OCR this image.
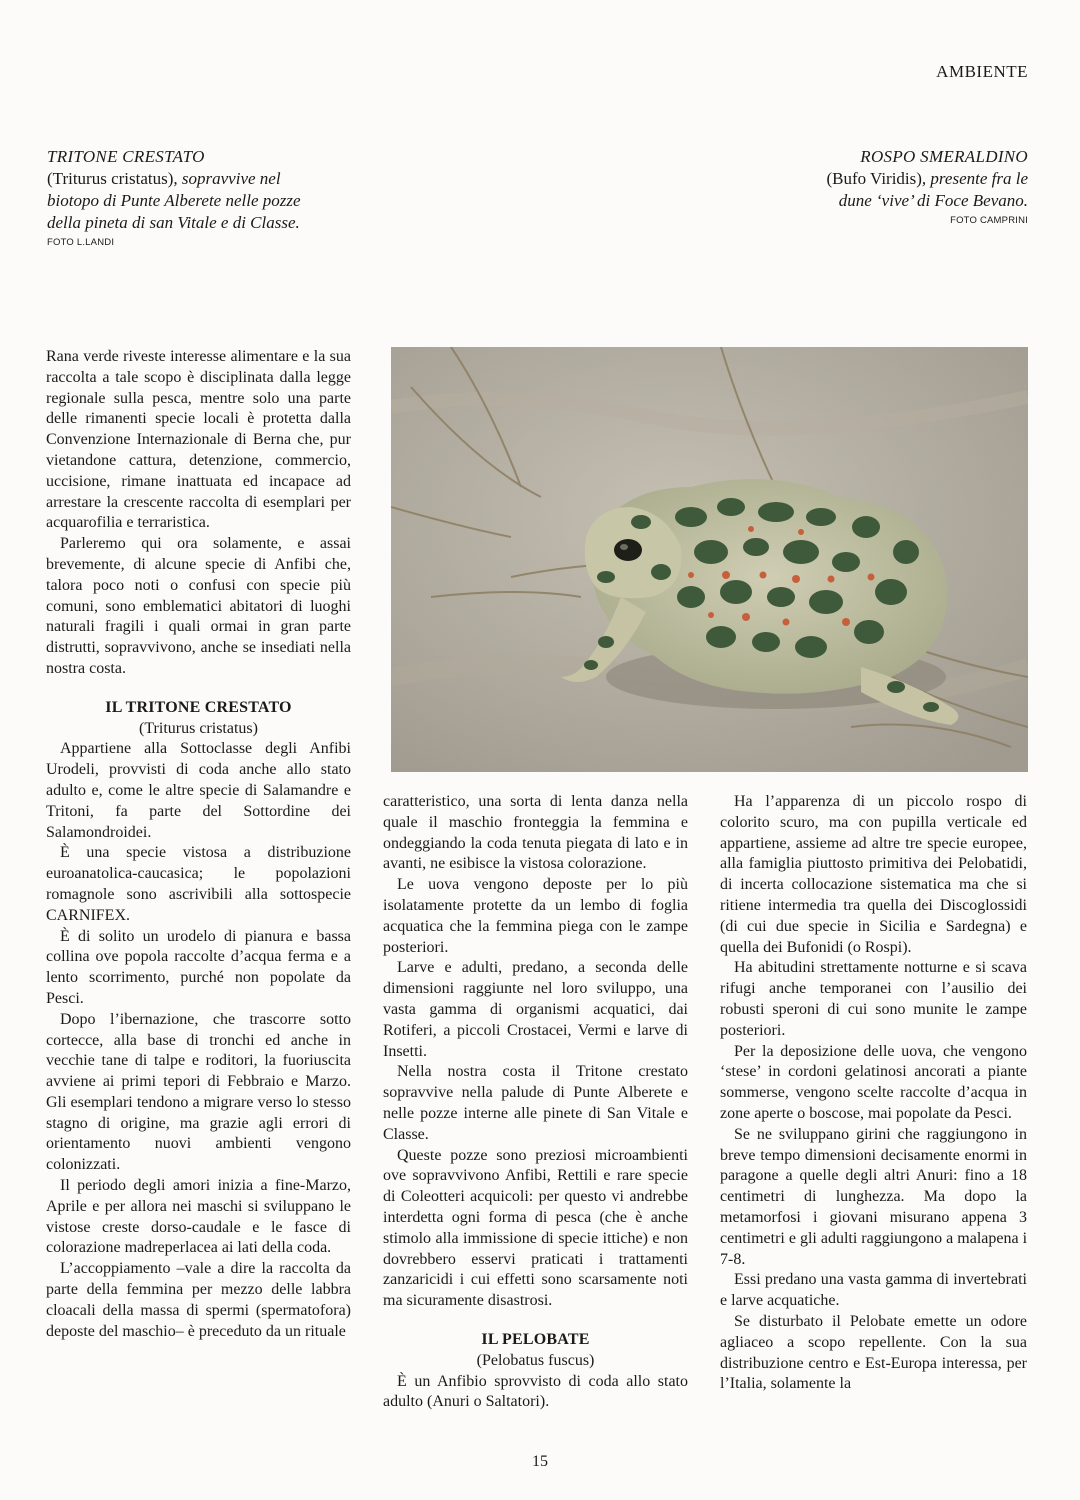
AMBIENTE
TRITONE CRESTATO
(Triturus cristatus), sopravvive nel
biotopo di Punte Alberete nelle pozze
della pineta di san Vitale e di Classe.
FOTO L.LANDI
ROSPO SMERALDINO
(Bufo Viridis), presente fra le
dune ‘vive’ di Foce Bevano.
FOTO CAMPRINI

Rana verde riveste interesse alimentare e la sua raccolta a tale scopo è disciplinata dalla legge regionale sulla pesca, mentre solo una parte delle rimanenti specie locali è protetta dalla Convenzione Internazionale di Berna che, pur vietandone cattura, detenzione, commercio, uccisione, rimane inattuata ed incapace ad arrestare la crescente raccolta di esemplari per acquarofilia e terraristica.

Parleremo qui ora solamente, e assai brevemente, di alcune specie di Anfibi che, talora poco noti o confusi con specie più comuni, sono emblematici abitatori di luoghi naturali fragili i quali ormai in gran parte distrutti, sopravvivono, anche se insediati nella nostra costa.

IL TRITONE CRESTATO

(Triturus cristatus)

Appartiene alla Sottoclasse degli Anfibi Urodeli, provvisti di coda anche allo stato adulto e, come le altre specie di Salamandre e Tritoni, fa parte del Sottordine dei Salamondroidei.

È una specie vistosa a distribuzione euroanatolica-caucasica; le popolazioni romagnole sono ascrivibili alla sottospecie CARNIFEX.

È di solito un urodelo di pianura e bassa collina ove popola raccolte d’acqua ferma e a lento scorrimento, purché non popolate da Pesci.

Dopo l’ibernazione, che trascorre sotto cortecce, alla base di tronchi ed anche in vecchie tane di talpe e roditori, la fuoriuscita avviene ai primi tepori di Febbraio e Marzo. Gli esemplari tendono a migrare verso lo stesso stagno di origine, ma grazie agli errori di orientamento nuovi ambienti vengono colonizzati.

Il periodo degli amori inizia a fine-Marzo, Aprile e per allora nei maschi si sviluppano le vistose creste dorso-caudale e le fasce di colorazione madreperlacea ai lati della coda.

L’accoppiamento –vale a dire la raccolta da parte della femmina per mezzo delle labbra cloacali della massa di spermi (spermatofora) deposte del maschio– è preceduto da un rituale

caratteristico, una sorta di lenta danza nella quale il maschio fronteggia la femmina e ondeggiando la coda tenuta piegata di lato e in avanti, ne esibisce la vistosa colorazione.

Le uova vengono deposte per lo più isolatamente protette da un lembo di foglia acquatica che la femmina piega con le zampe posteriori.

Larve e adulti, predano, a seconda delle dimensioni raggiunte nel loro sviluppo, una vasta gamma di organismi acquatici, dai Rotiferi, a piccoli Crostacei, Vermi e larve di Insetti.

Nella nostra costa il Tritone crestato sopravvive nella palude di Punte Alberete e nelle pozze interne alle pinete di San Vitale e Classe.

Queste pozze sono preziosi microambienti ove sopravvivono Anfibi, Rettili e rare specie di Coleotteri acquicoli: per questo vi andrebbe interdetta ogni forma di pesca (che è anche stimolo alla immissione di specie ittiche) e non dovrebbero esservi praticati i trattamenti zanzaricidi i cui effetti sono scarsamente noti ma sicuramente disastrosi.

IL PELOBATE

(Pelobatus fuscus)

È un Anfibio sprovvisto di coda allo stato adulto (Anuri o Saltatori).

Ha l’apparenza di un piccolo rospo di colorito scuro, ma con pupilla verticale ed appartiene, assieme ad altre tre specie europee, alla famiglia piuttosto primitiva dei Pelobatidi, di incerta collocazione sistematica ma che si ritiene intermedia tra quella dei Discoglossidi (di cui due specie in Sicilia e Sardegna) e quella dei Bufonidi (o Rospi).

Ha abitudini strettamente notturne e si scava rifugi anche temporanei con l’ausilio dei robusti speroni di cui sono munite le zampe posteriori.

Per la deposizione delle uova, che vengono ‘stese’ in cordoni gelatinosi ancorati a piante sommerse, vengono scelte raccolte d’acqua in zone aperte o boscose, mai popolate da Pesci.

Se ne sviluppano girini che raggiungono in breve tempo dimensioni decisamente enormi in paragone a quelle degli altri Anuri: fino a 18 centimetri di lunghezza. Ma dopo la metamorfosi i giovani misurano appena 3 centimetri e gli adulti raggiungono a malapena i 7-8.

Essi predano una vasta gamma di invertebrati e larve acquatiche.

Se disturbato il Pelobate emette un odore agliaceo a scopo repellente. Con la sua distribuzione centro e Est-Europa interessa, per l’Italia, solamente la

15
